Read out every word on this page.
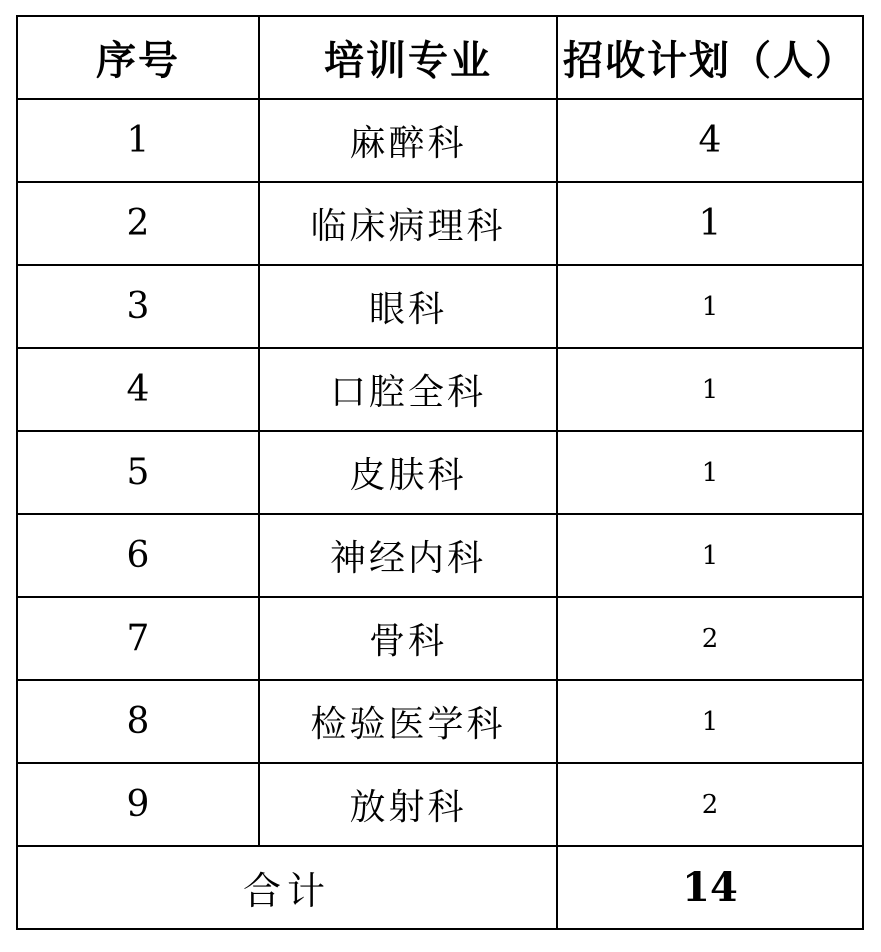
序号	培训专业	招收计划（人）
1	麻醉科	4
2	临床病理科	1
3	眼科	1
4	口腔全科	1
5	皮肤科	1
6	神经内科	1
7	骨科	2
8	检验医学科	1
9	放射科	2
合计		14
